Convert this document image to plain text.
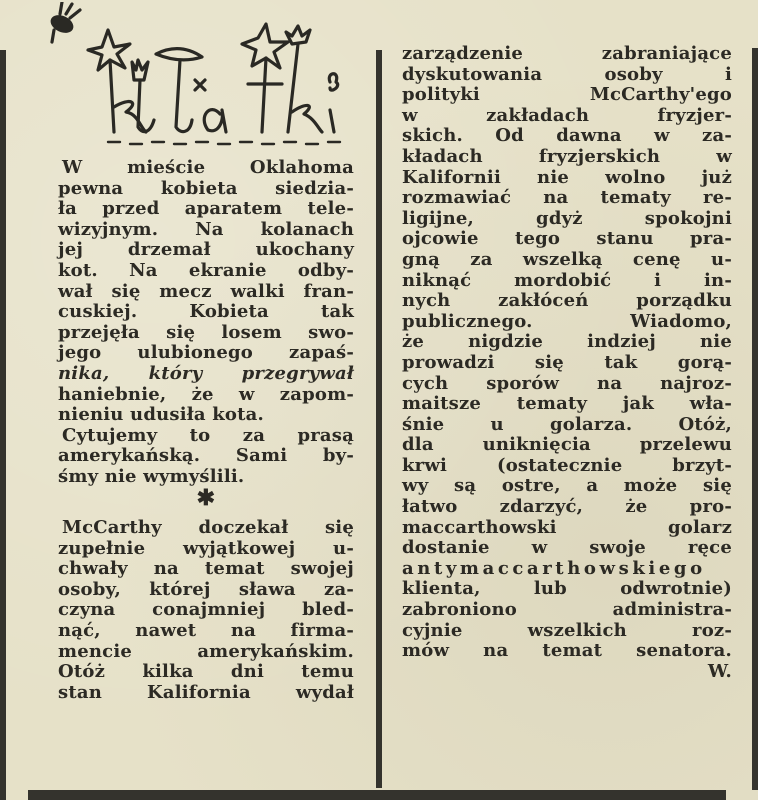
W mieście Oklahoma
pewna kobieta siedzia-
ła przed aparatem tele-
wizyjnym. Na kolanach
jej drzemał ukochany
kot. Na ekranie odby-
wał się mecz walki fran-
cuskiej. Kobieta tak
przejęła się losem swo-
jego ulubionego zapaś-
nika, który przegrywał
haniebnie, że w zapom-
nieniu udusiła kota.
Cytujemy to za prasą
amerykańską. Sami by-
śmy nie wymyślili.
✱
McCarthy doczekał się
zupełnie wyjątkowej u-
chwały na temat swojej
osoby, której sława za-
czyna conajmniej bled-
nąć, nawet na firma-
mencie amerykańskim.
Otóż kilka dni temu
stan Kalifornia wydał
zarządzenie zabraniające
dyskutowania osoby i
polityki McCarthy'ego
w zakładach fryzjer-
skich. Od dawna w za-
kładach fryzjerskich w
Kalifornii nie wolno już
rozmawiać na tematy re-
ligijne, gdyż spokojni
ojcowie tego stanu pra-
gną za wszelką cenę u-
niknąć mordobić i in-
nych zakłóceń porządku
publicznego. Wiadomo,
że nigdzie indziej nie
prowadzi się tak gorą-
cych sporów na najroz-
maitsze tematy jak wła-
śnie u golarza. Otóż,
dla uniknięcia przelewu
krwi (ostatecznie brzyt-
wy są ostre, a może się
łatwo zdarzyć, że pro-
maccarthowski golarz
dostanie w swoje ręce
antymaccarthowskiego
klienta, lub odwrotnie)
zabroniono administra-
cyjnie wszelkich roz-
mów na temat senatora.
W.
